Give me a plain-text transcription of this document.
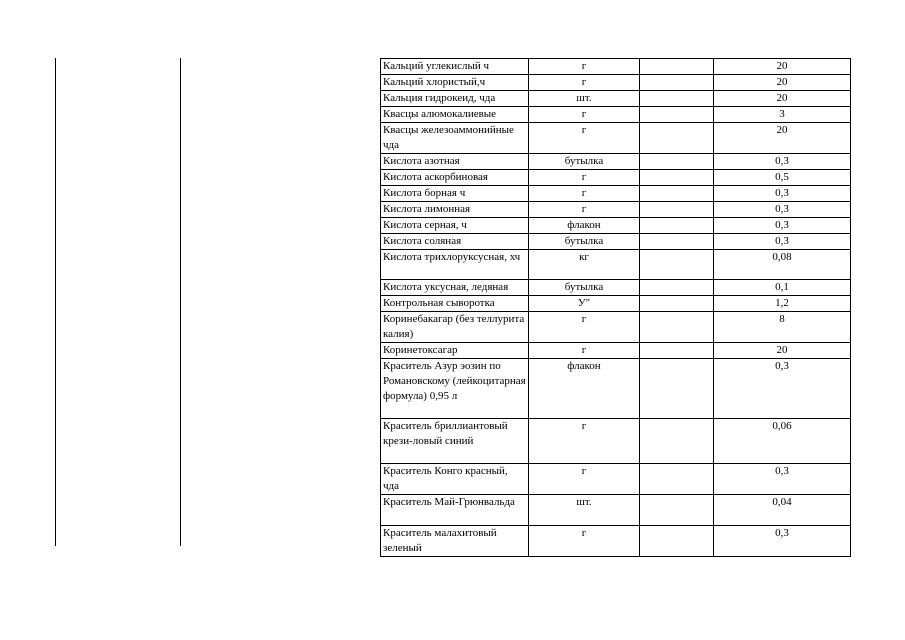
Кальций углекислый ч	г		20
Кальций хлористый,ч	г		20
Кальция гидрокеид, чда	шт.		20
Квасцы алюмокалиевые	г		3
Квасцы железоаммонийные чда	г		20
Кислота азотная	бутылка		0,3
Кислота аскорбиновая	г		0,5
Кислота борная ч	г		0,3
Кислота лимонная	г		0,3
Кислота серная, ч	флакон		0,3
Кислота соляная	бутылка		0,3
Кислота трихлоруксусная, хч	кг		0,08
Кислота уксусная, ледяная	бутылка		0,1
Контрольная сыворотка	У"		1,2
Коринебакагар (без теллурита калия)	г		8
Коринетоксагар	г		20
Краситель Азур эозин по Романовскому (лейкоцитарная формула) 0,95 л	флакон		0,3
Краситель бриллиантовый крези-ловый синий	г		0,06
Краситель Конго красный, чда	г		0,3
Краситель Май-Грюнвальда	шт.		0,04
Краситель малахитовый зеленый	г		0,3
